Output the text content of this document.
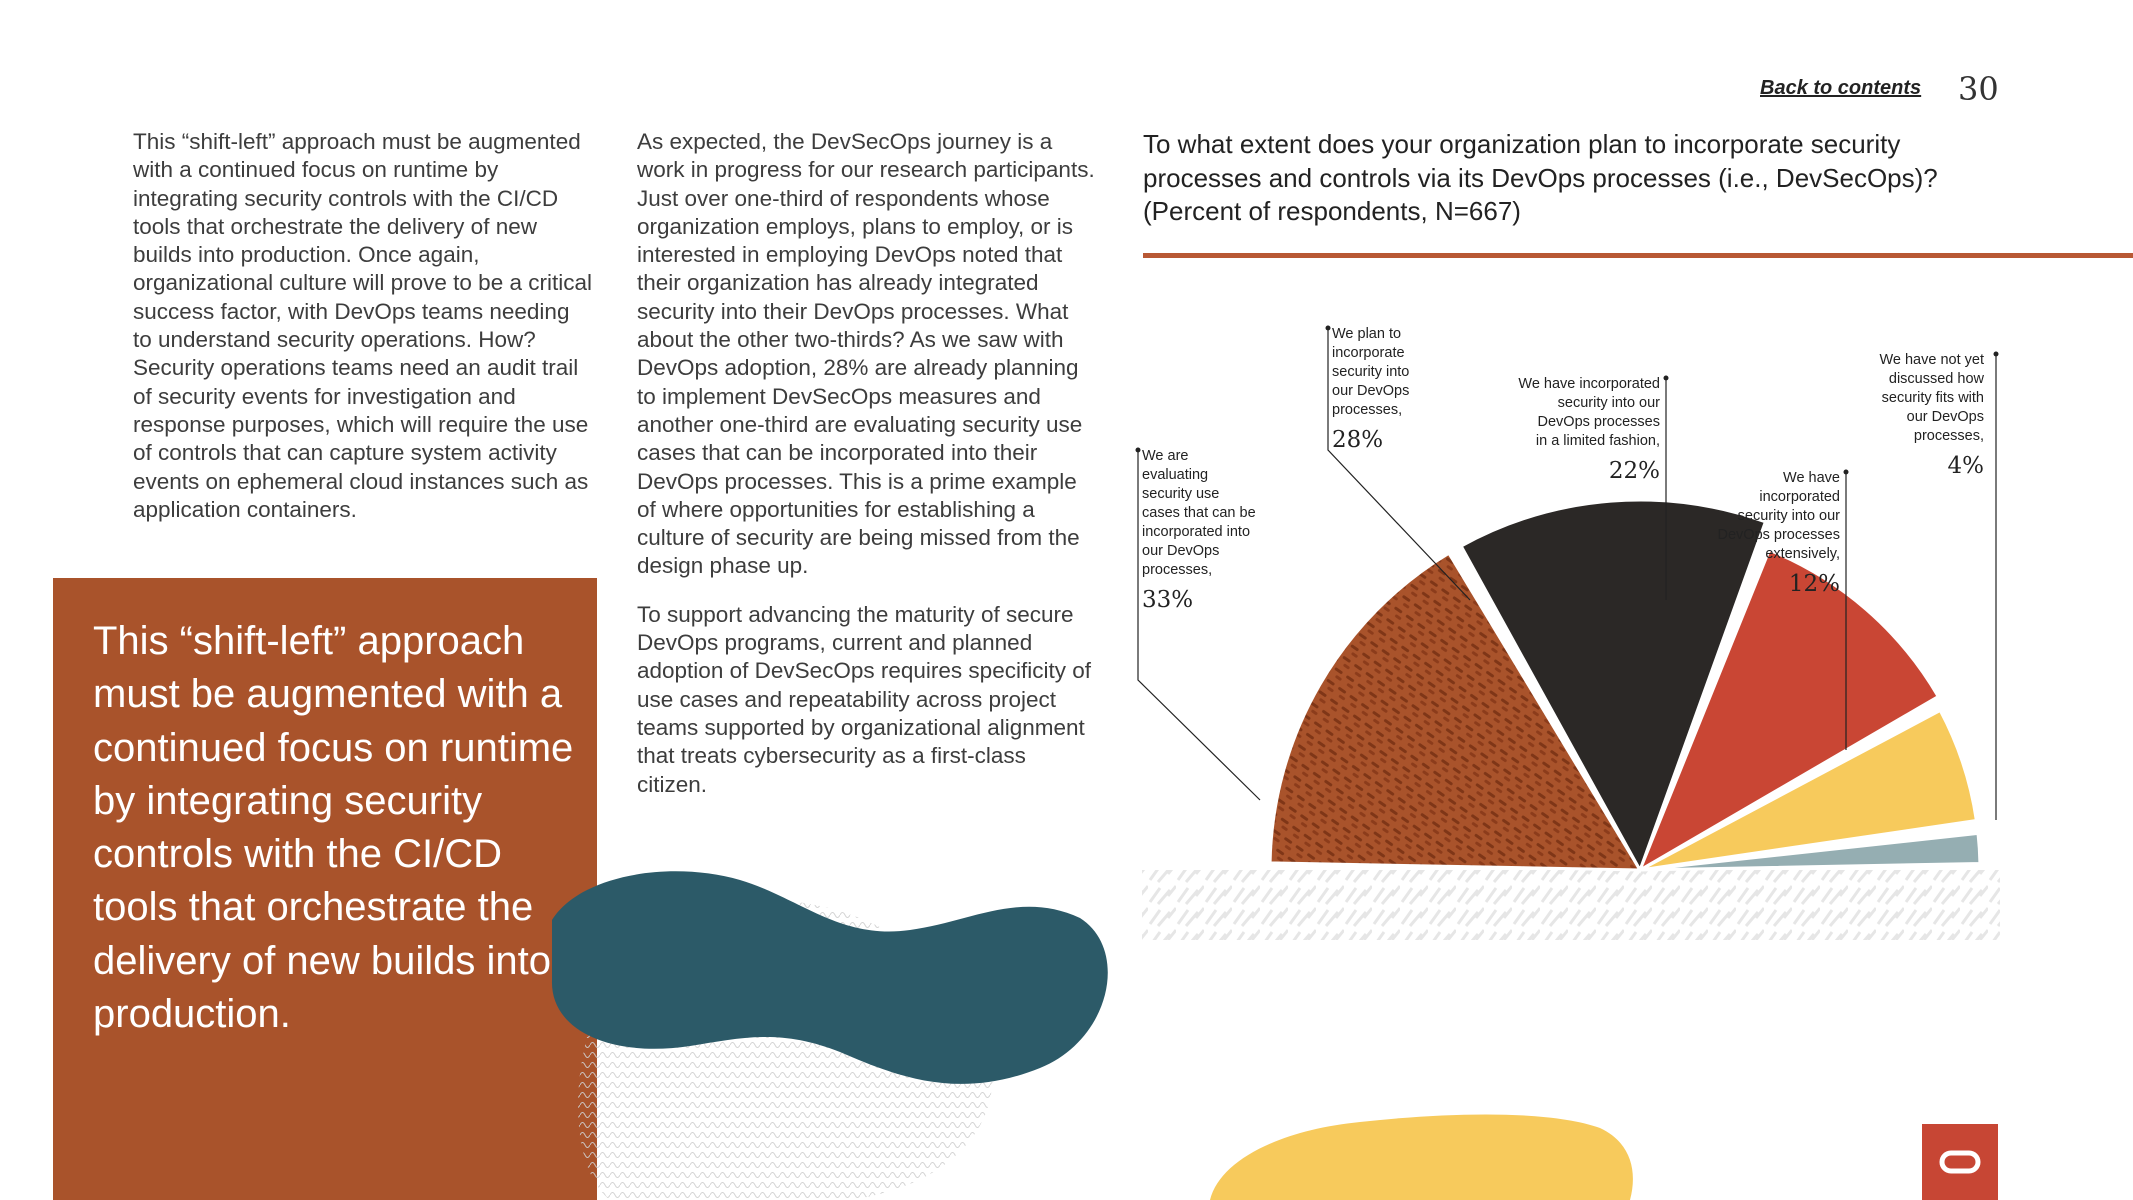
Back to contents 30

This “shift-left” approach must be augmented with a continued focus on runtime by integrating security controls with the CI/CD tools that orchestrate the delivery of new builds into production. Once again, organizational culture will prove to be a critical success factor, with DevOps teams needing to understand security operations. How? Security operations teams need an audit trail of security events for investigation and response purposes, which will require the use of controls that can capture system activity events on ephemeral cloud instances such as application containers.

As expected, the DevSecOps journey is a work in progress for our research participants. Just over one-third of respondents whose organization employs, plans to employ, or is interested in employing DevOps noted that their organization has already integrated security into their DevOps processes. What about the other two-thirds? As we saw with DevOps adoption, 28% are already planning to implement DevSecOps measures and another one-third are evaluating security use cases that can be incorporated into their DevOps processes. This is a prime example of where opportunities for establishing a culture of security are being missed from the design phase up.

To support advancing the maturity of secure DevOps programs, current and planned adoption of DevSecOps requires specificity of use cases and repeatability across project teams supported by organizational alignment that treats cybersecurity as a first-class citizen.

This “shift-left” approach must be augmented with a continued focus on runtime by integrating security controls with the CI/CD tools that orchestrate the delivery of new builds into production.
To what extent does your organization plan to incorporate security processes and controls via its DevOps processes (i.e., DevSecOps)? (Percent of respondents, N=667)
We are evaluating security use cases that can be incorporated into our DevOps processes,
33%
We plan to incorporate security into our DevOps processes,
28%
We have incorporated security into our DevOps processes in a limited fashion,
22%	We have incorporated security into our DevOps processes extensively,
12%
We have not yet discussed how security fits with our DevOps processes,
4%
